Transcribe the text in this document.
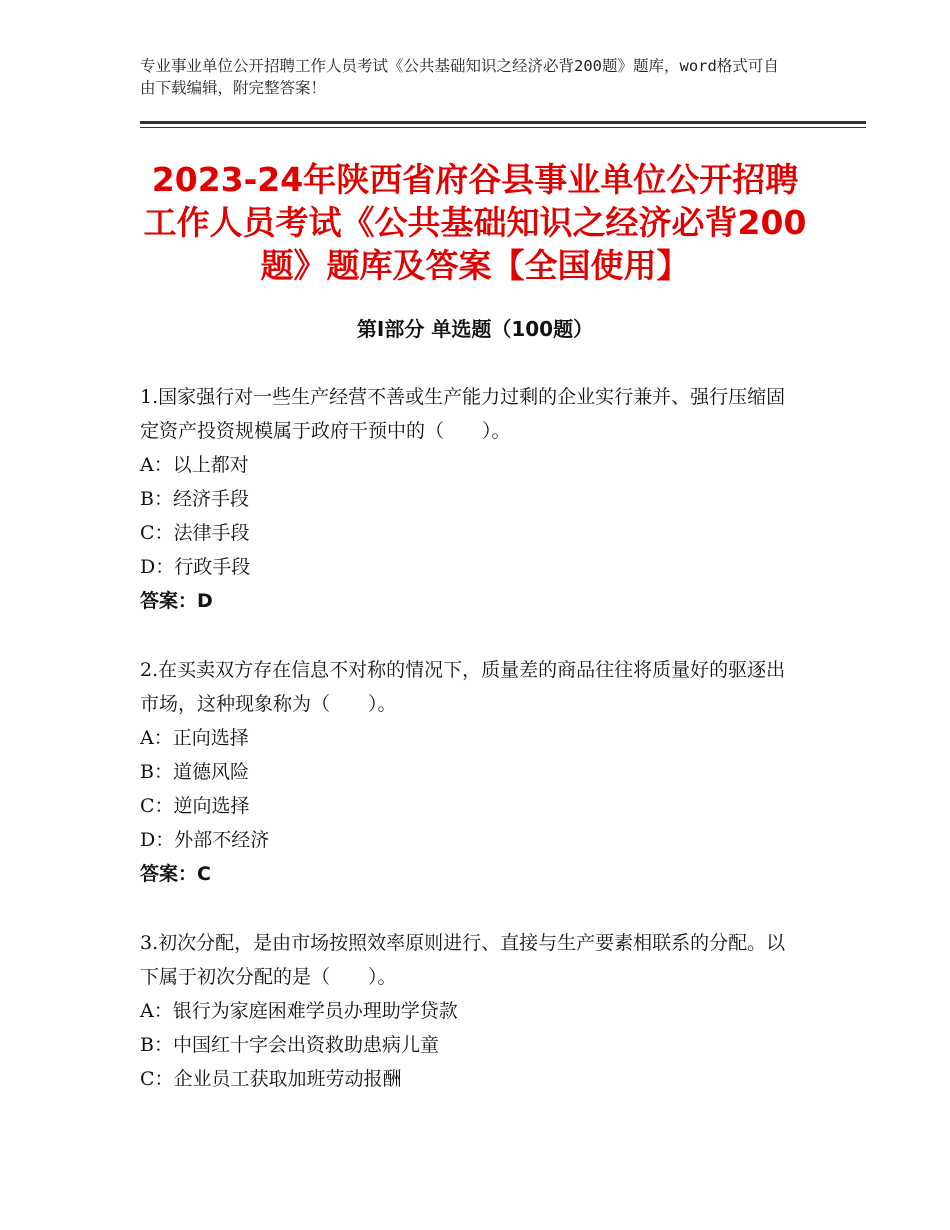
专业事业单位公开招聘工作人员考试《公共基础知识之经济必背200题》题库，word格式可自由下载编辑，附完整答案！
2023-24年陕西省府谷县事业单位公开招聘工作人员考试《公共基础知识之经济必背200题》题库及答案【全国使用】
第I部分 单选题（100题）

1.国家强行对一些生产经营不善或生产能力过剩的企业实行兼并、强行压缩固定资产投资规模属于政府干预中的（　　）。

A：以上都对

B：经济手段

C：法律手段

D：行政手段

答案：D

2.在买卖双方存在信息不对称的情况下，质量差的商品往往将质量好的驱逐出市场，这种现象称为（　　）。

A：正向选择

B：道德风险

C：逆向选择

D：外部不经济

答案：C

3.初次分配，是由市场按照效率原则进行、直接与生产要素相联系的分配。以下属于初次分配的是（　　）。

A：银行为家庭困难学员办理助学贷款

B：中国红十字会出资救助患病儿童

C：企业员工获取加班劳动报酬
